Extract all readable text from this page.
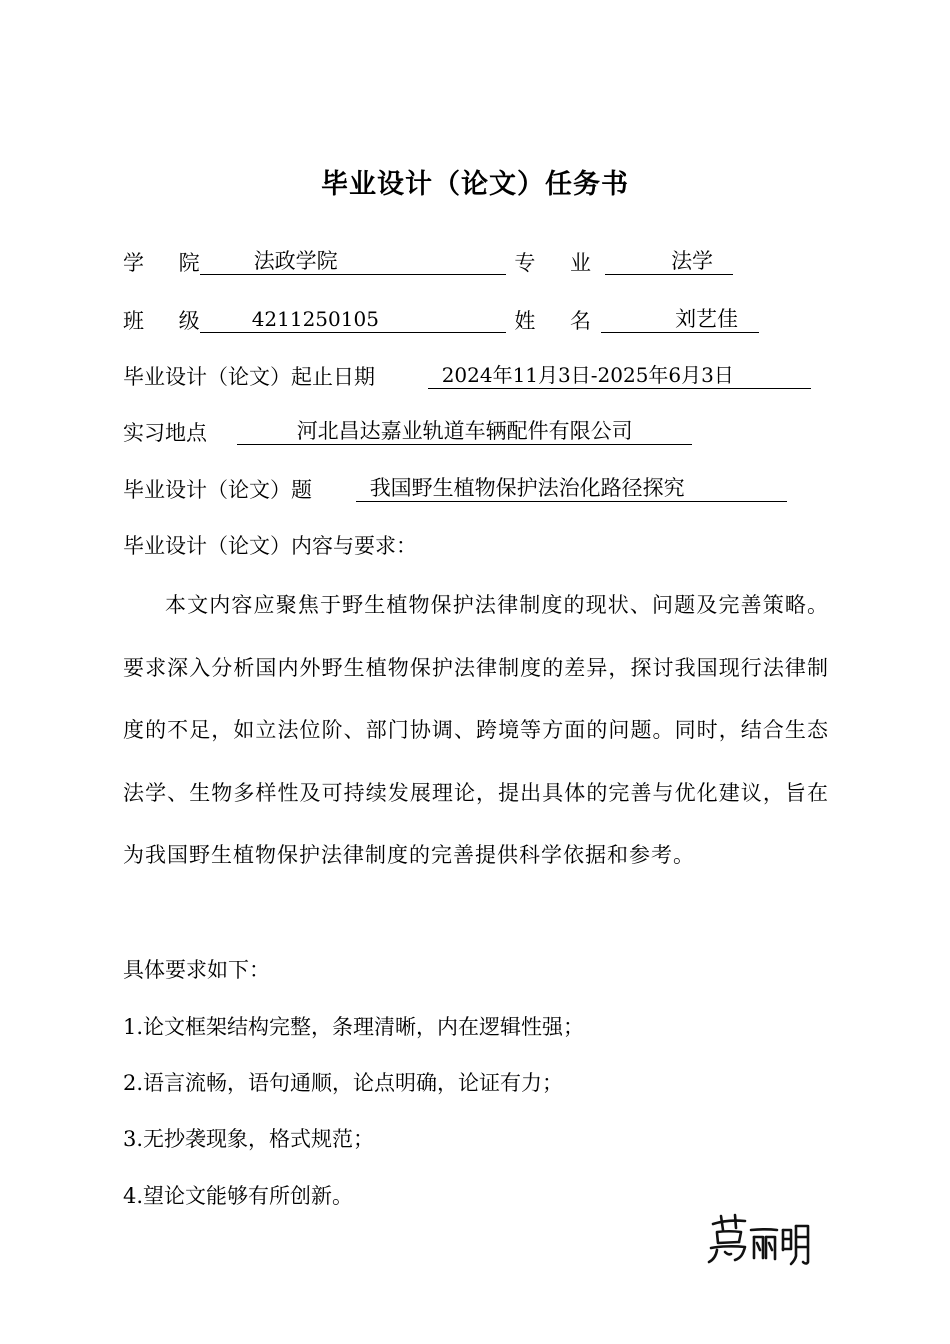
毕业设计（论文）任务书
学 院 法政学院	专 业	法学
班 级 4211250105	姓 名	刘艺佳
毕业设计（论文）起止日期	2024年11月3日-2025年6月3日
实习地点	河北昌达嘉业轨道车辆配件有限公司
毕业设计（论文）题	我国野生植物保护法治化路径探究
毕业设计（论文）内容与要求：
本文内容应聚焦于野生植物保护法律制度的现状、问题及完善策略。要求深入分析国内外野生植物保护法律制度的差异，探讨我国现行法律制度的不足，如立法位阶、部门协调、跨境等方面的问题。同时，结合生态法学、生物多样性及可持续发展理论，提出具体的完善与优化建议，旨在为我国野生植物保护法律制度的完善提供科学依据和参考。
具体要求如下：
1.论文框架结构完整，条理清晰，内在逻辑性强；
2.语言流畅，语句通顺，论点明确，论证有力；
3.无抄袭现象，格式规范；
4.望论文能够有所创新。
